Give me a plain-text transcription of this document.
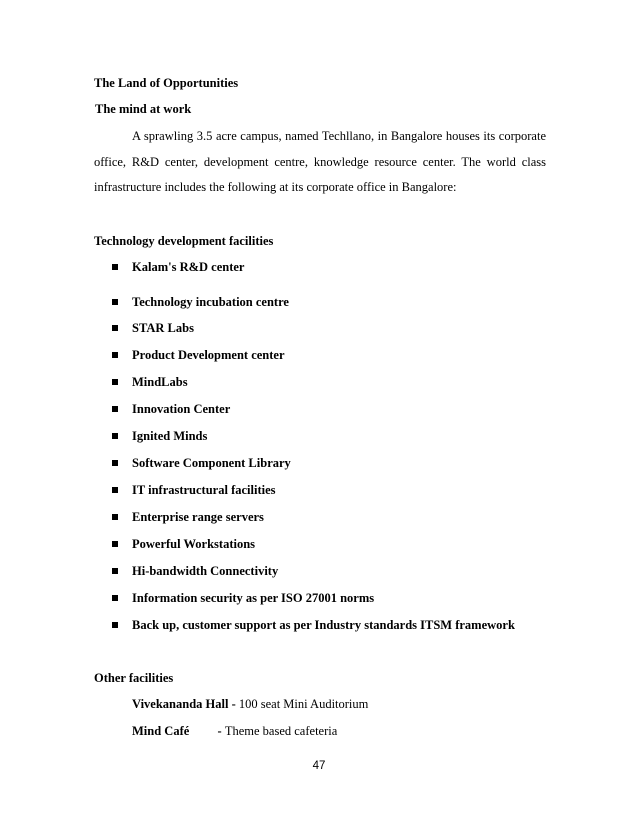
The Land of Opportunities
The mind at work
A sprawling 3.5 acre campus, named Techllano, in Bangalore houses its corporate
office, R&D center, development centre, knowledge resource center. The world class
infrastructure includes the following at its corporate office in Bangalore:
Technology development facilities
Kalam's R&D center
Technology incubation centre
STAR Labs
Product Development center
MindLabs
Innovation Center
Ignited Minds
Software Component Library
IT infrastructural facilities
Enterprise range servers
Powerful Workstations
Hi-bandwidth Connectivity
Information security as per ISO 27001 norms
Back up, customer support as per Industry standards ITSM framework
Other facilities
Vivekananda Hall - 100 seat Mini Auditorium
Mind Café  - Theme based cafeteria
47
